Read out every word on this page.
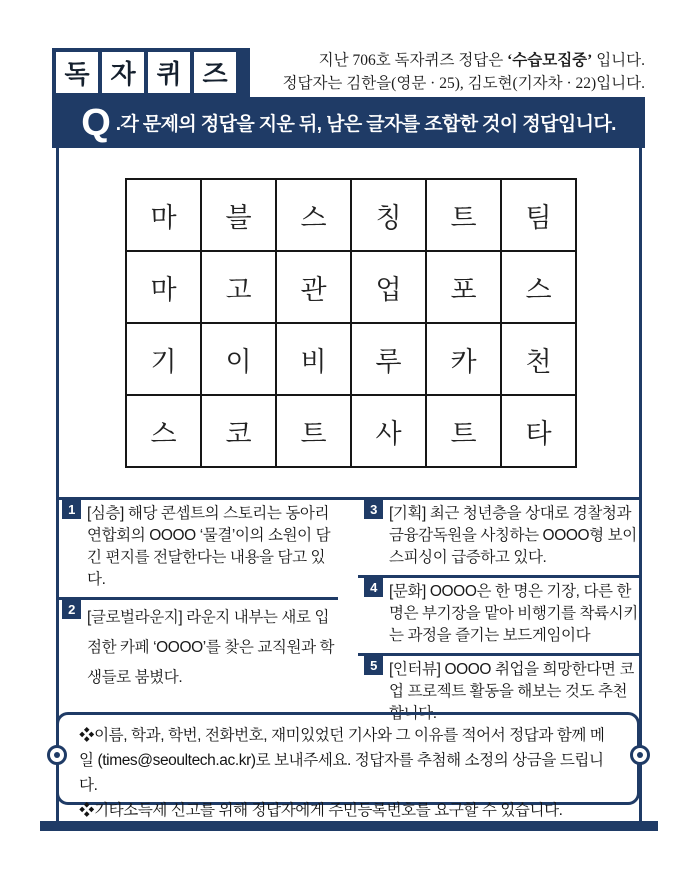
독 자 퀴 즈	지난 706호 독자퀴즈 정답은 ‘수습모집중’ 입니다.
정답자는 김한을(영문 · 25), 김도현(기자차 · 22)입니다.
Q .각 문제의 정답을 지운 뒤, 남은 글자를 조합한 것이 정답입니다.
마	블	스	칭	트	팀
마	고	관	업	포	스
기	이	비	루	카	천
스	코	트	사	트	타
1 [심층] 해당 콘셉트의 스토리는 동아리 연합회의 OOOO ‘물결’이의 소원이 담긴 편지를 전달한다는 내용을 담고 있다.
2 [글로벌라운지] 라운지 내부는 새로 입점한 카페 ‘OOOO’를 찾은 교직원과 학생들로 붐볐다.
3 [기획] 최근 청년층을 상대로 경찰청과 금융감독원을 사칭하는 OOOO형 보이스피싱이 급증하고 있다.
4 [문화] OOOO은 한 명은 기장, 다른 한 명은 부기장을 맡아 비행기를 착륙시키는 과정을 즐기는 보드게임이다
5 [인터뷰] OOOO 취업을 희망한다면 코업 프로젝트 활동을 해보는 것도 추천합니다.
❖이름, 학과, 학번, 전화번호, 재미있었던 기사와 그 이유를 적어서 정답과 함께 메일 (times@seoultech.ac.kr)로 보내주세요. 정답자를 추첨해 소정의 상금을 드립니다.
❖기타소득세 신고를 위해 정답자에게 주민등록번호를 요구할 수 있습니다.
